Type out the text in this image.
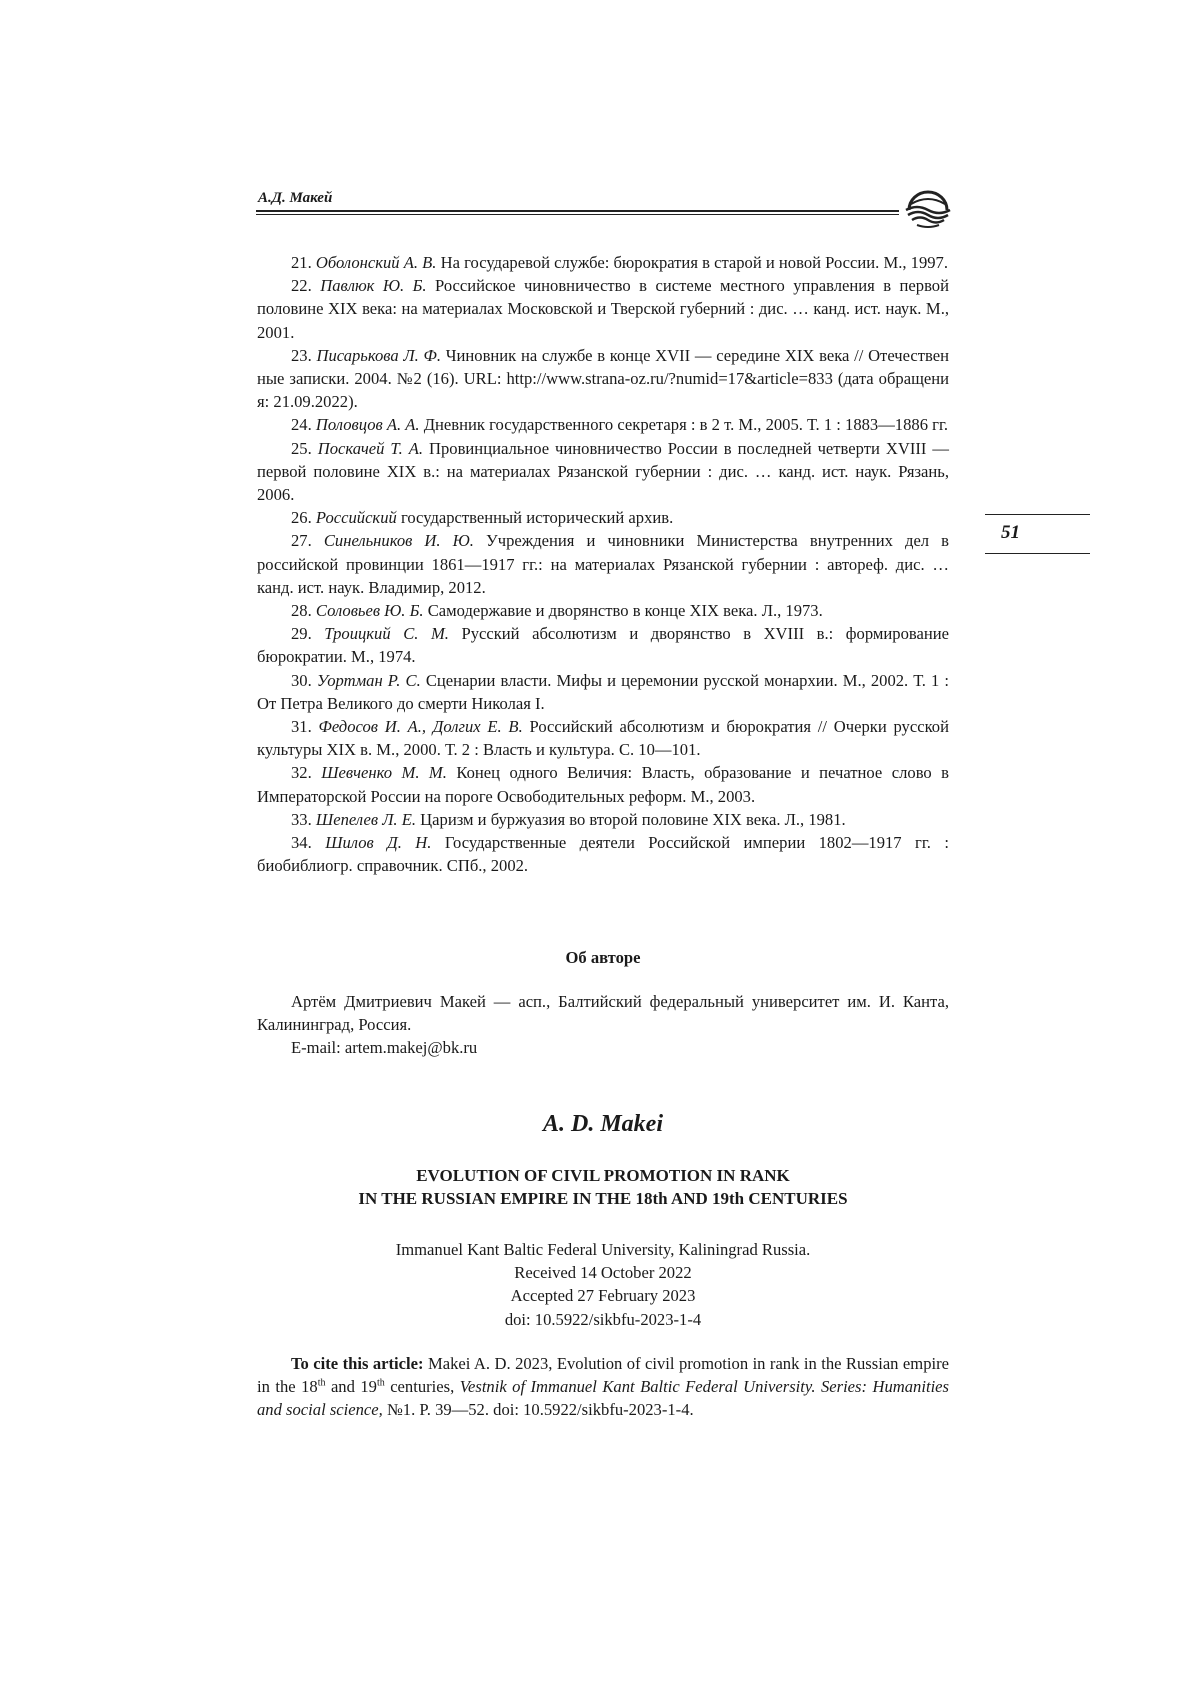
А.Д. Макей

21. Оболонский А. В. На государевой службе: бюрократия в старой и новой России. М., 1997.

22. Павлюк Ю. Б. Российское чиновничество в системе местного управления в первой половине XIX века: на материалах Московской и Тверской губерний : дис. … канд. ист. наук. М., 2001.

23. Писарькова Л. Ф. Чиновник на службе в конце XVII — середине XIX века // Отечественные записки. 2004. №2 (16). URL: http://www.strana-oz.ru/?numid=17&article=833 (дата обращения: 21.09.2022).

24. Половцов А. А. Дневник государственного секретаря : в 2 т. М., 2005. Т. 1 : 1883—1886 гг.

25. Поскачей Т. А. Провинциальное чиновничество России в последней четверти XVIII — первой половине XIX в.: на материалах Рязанской губернии : дис. … канд. ист. наук. Рязань, 2006.

26. Российский государственный исторический архив.

27. Синельников И. Ю. Учреждения и чиновники Министерства внутренних дел в российской провинции 1861—1917 гг.: на материалах Рязанской губернии : автореф. дис. … канд. ист. наук. Владимир, 2012.

28. Соловьев Ю. Б. Самодержавие и дворянство в конце XIX века. Л., 1973.

29. Троицкий С. М. Русский абсолютизм и дворянство в XVIII в.: формирование бюрократии. М., 1974.

30. Уортман Р. С. Сценарии власти. Мифы и церемонии русской монархии. М., 2002. Т. 1 : От Петра Великого до смерти Николая I.

31. Федосов И. А., Долгих Е. В. Российский абсолютизм и бюрократия // Очерки русской культуры XIX в. М., 2000. Т. 2 : Власть и культура. С. 10—101.

32. Шевченко М. М. Конец одного Величия: Власть, образование и печатное слово в Императорской России на пороге Освободительных реформ. М., 2003.

33. Шепелев Л. Е. Царизм и буржуазия во второй половине XIX века. Л., 1981.

34. Шилов Д. Н. Государственные деятели Российской империи 1802—1917 гг. : биобиблиогр. справочник. СПб., 2002.

51
Об авторе

Артём Дмитриевич Макей — асп., Балтийский федеральный университет им. И. Канта, Калининград, Россия.

E-mail: artem.makej@bk.ru

A. D. Makei
EVOLUTION OF CIVIL PROMOTION IN RANK
IN THE RUSSIAN EMPIRE IN THE 18th AND 19th CENTURIES
Immanuel Kant Baltic Federal University, Kaliningrad Russia.
Received 14 October 2022
Accepted 27 February 2023
doi: 10.5922/sikbfu-2023-1-4
To cite this article: Makei A. D. 2023, Evolution of civil promotion in rank in the Russian empire in the 18th and 19th centuries, Vestnik of Immanuel Kant Baltic Federal University. Series: Humanities and social science, №1. P. 39—52. doi: 10.5922/sikbfu-2023-1-4.
